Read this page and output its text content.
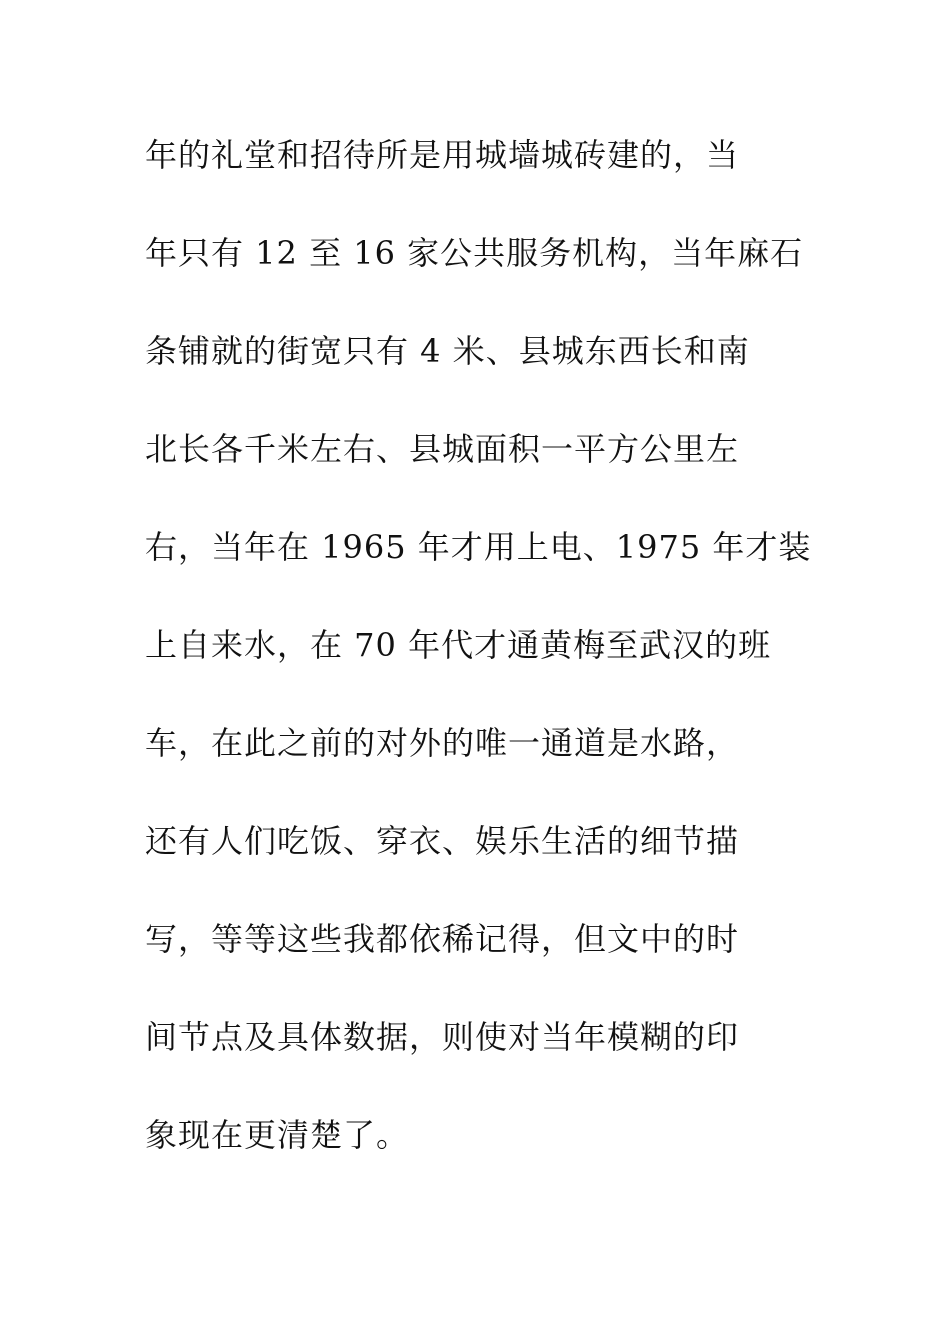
年的礼堂和招待所是用城墙城砖建的，当
年只有 12 至 16 家公共服务机构，当年麻石
条铺就的街宽只有 4 米、县城东西长和南
北长各千米左右、县城面积一平方公里左
右，当年在 1965 年才用上电、1975 年才装
上自来水，在 70 年代才通黄梅至武汉的班
车，在此之前的对外的唯一通道是水路，
还有人们吃饭、穿衣、娱乐生活的细节描
写，等等这些我都依稀记得，但文中的时
间节点及具体数据，则使对当年模糊的印
象现在更清楚了。
